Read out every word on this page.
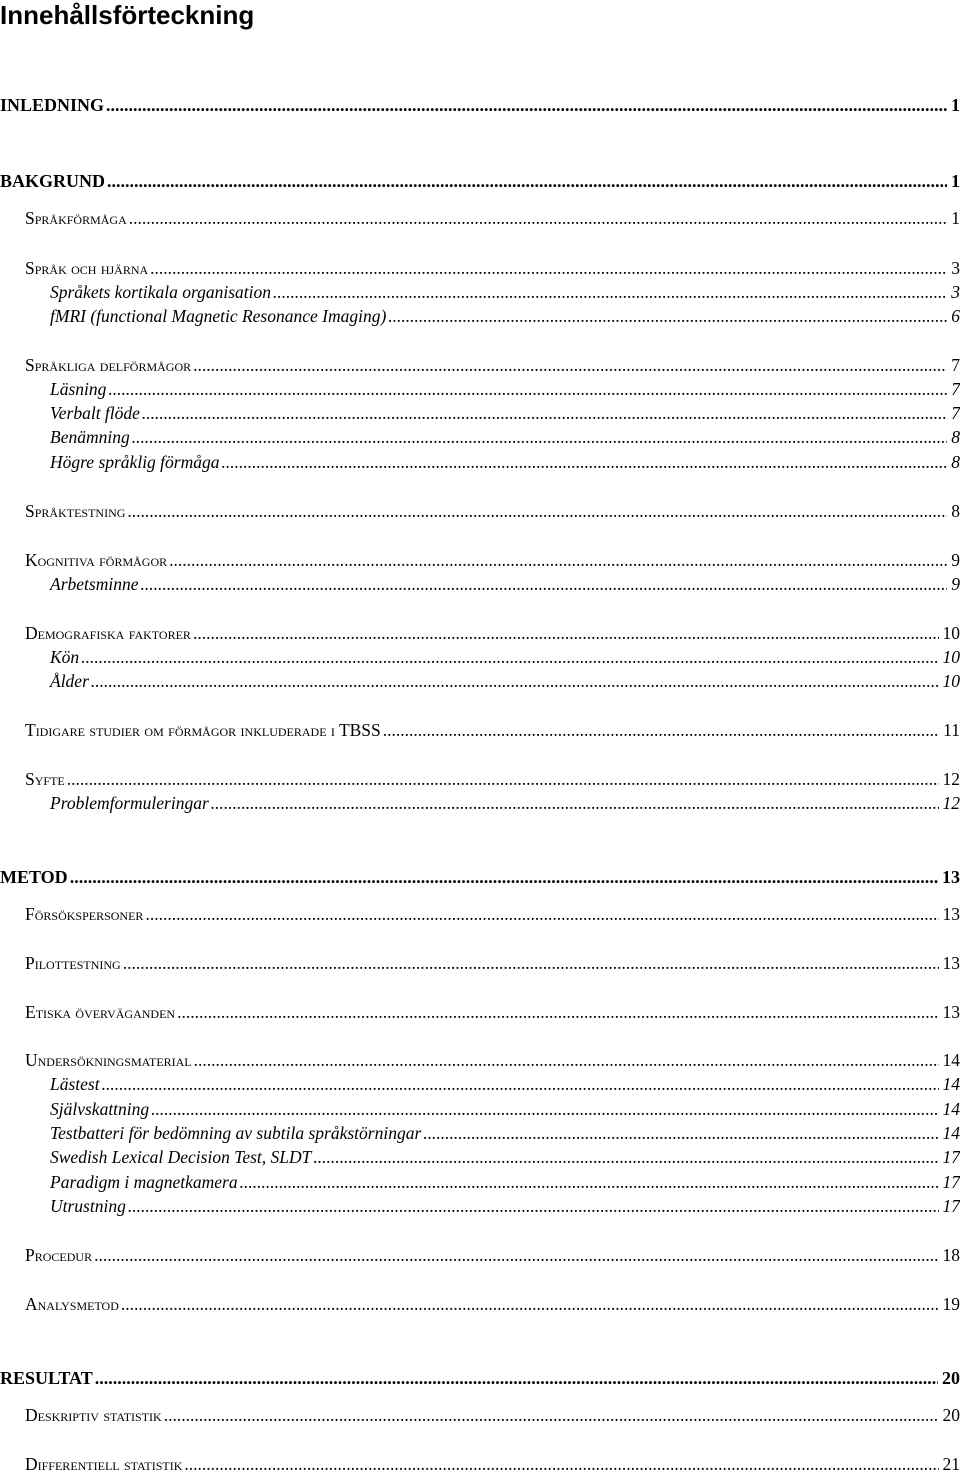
Innehållsförteckning
INLEDNING .....	1
BAKGRUND .....	1
Språkförmåga .....	1
Språk och hjärna .....	3
Språkets kortikala organisation .....	3
fMRI (functional Magnetic Resonance Imaging) .....	6
Språkliga delförmågor .....	7
Läsning .....	7
Verbalt flöde .....	7
Benämning .....	8
Högre språklig förmåga .....	8
Språktestning .....	8
Kognitiva förmågor .....	9
Arbetsminne .....	9
Demografiska faktorer .....	10
Kön .....	10
Ålder .....	10
Tidigare studier om förmågor inkluderade i TBSS .....	11
Syfte .....	12
Problemformuleringar .....	12
METOD .....	13
Försökspersoner .....	13
Pilottestning .....	13
Etiska överväganden .....	13
Undersökningsmaterial .....	14
Lästest .....	14
Självskattning .....	14
Testbatteri för bedömning av subtila språkstörningar .....	14
Swedish Lexical Decision Test, SLDT .....	17
Paradigm i magnetkamera .....	17
Utrustning .....	17
Procedur .....	18
Analysmetod .....	19
RESULTAT .....	20
Deskriptiv statistik .....	20
Differentiell statistik .....	21
